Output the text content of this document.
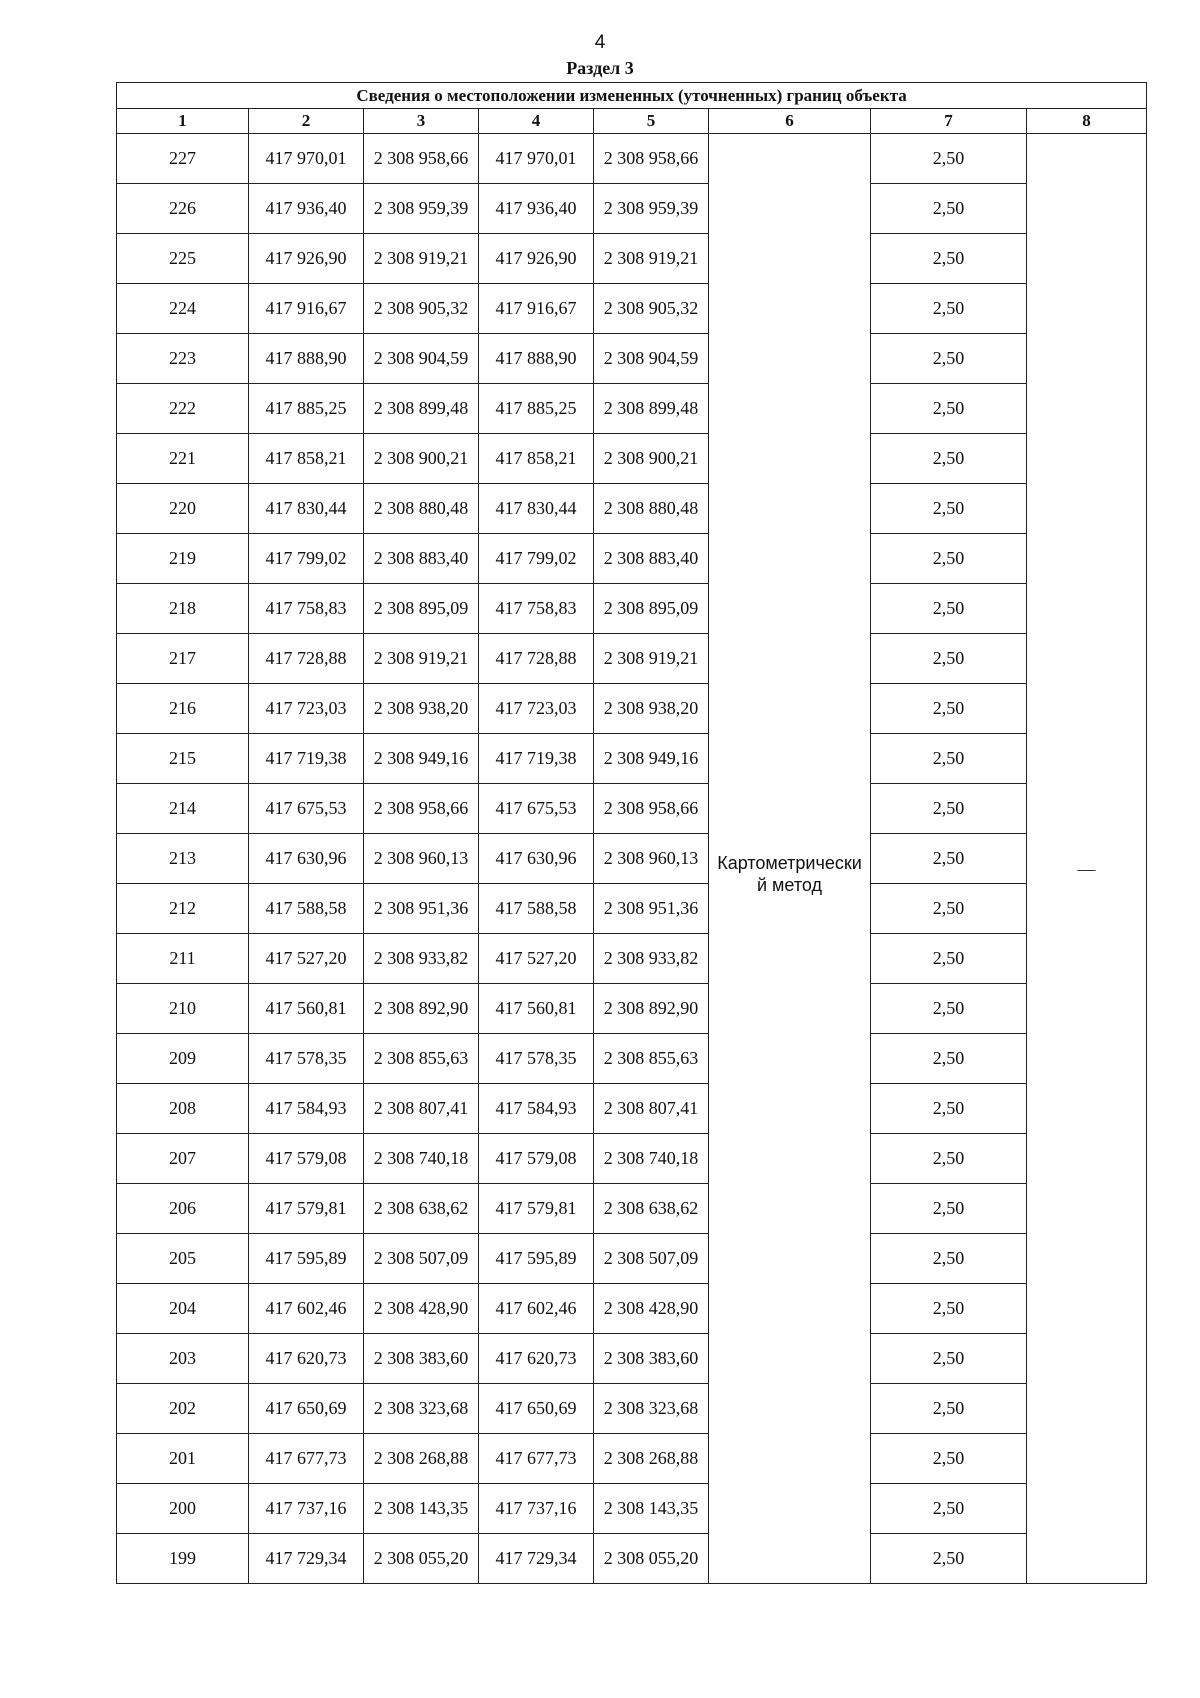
4
Раздел 3
Сведения о местоположении измененных (уточненных) границ объекта							
1	2	3	4	5	6	7	8
227	417 970,01	2 308 958,66	417 970,01	2 308 958,66	Картометрический метод	2,50	—

226	417 936,40	2 308 959,39	417 936,40	2 308 959,39		2,50	
225	417 926,90	2 308 919,21	417 926,90	2 308 919,21		2,50	
224	417 916,67	2 308 905,32	417 916,67	2 308 905,32		2,50	
223	417 888,90	2 308 904,59	417 888,90	2 308 904,59		2,50	
222	417 885,25	2 308 899,48	417 885,25	2 308 899,48		2,50	
221	417 858,21	2 308 900,21	417 858,21	2 308 900,21		2,50	
220	417 830,44	2 308 880,48	417 830,44	2 308 880,48		2,50	
219	417 799,02	2 308 883,40	417 799,02	2 308 883,40		2,50	
218	417 758,83	2 308 895,09	417 758,83	2 308 895,09		2,50	
217	417 728,88	2 308 919,21	417 728,88	2 308 919,21		2,50	
216	417 723,03	2 308 938,20	417 723,03	2 308 938,20		2,50	
215	417 719,38	2 308 949,16	417 719,38	2 308 949,16		2,50	
214	417 675,53	2 308 958,66	417 675,53	2 308 958,66		2,50	
213	417 630,96	2 308 960,13	417 630,96	2 308 960,13		2,50	
212	417 588,58	2 308 951,36	417 588,58	2 308 951,36		2,50	
211	417 527,20	2 308 933,82	417 527,20	2 308 933,82		2,50	
210	417 560,81	2 308 892,90	417 560,81	2 308 892,90		2,50	
209	417 578,35	2 308 855,63	417 578,35	2 308 855,63		2,50	
208	417 584,93	2 308 807,41	417 584,93	2 308 807,41		2,50	
207	417 579,08	2 308 740,18	417 579,08	2 308 740,18		2,50	
206	417 579,81	2 308 638,62	417 579,81	2 308 638,62		2,50	
205	417 595,89	2 308 507,09	417 595,89	2 308 507,09		2,50	
204	417 602,46	2 308 428,90	417 602,46	2 308 428,90		2,50	
203	417 620,73	2 308 383,60	417 620,73	2 308 383,60		2,50	
202	417 650,69	2 308 323,68	417 650,69	2 308 323,68		2,50	
201	417 677,73	2 308 268,88	417 677,73	2 308 268,88		2,50	
200	417 737,16	2 308 143,35	417 737,16	2 308 143,35		2,50	
199	417 729,34	2 308 055,20	417 729,34	2 308 055,20		2,50	
